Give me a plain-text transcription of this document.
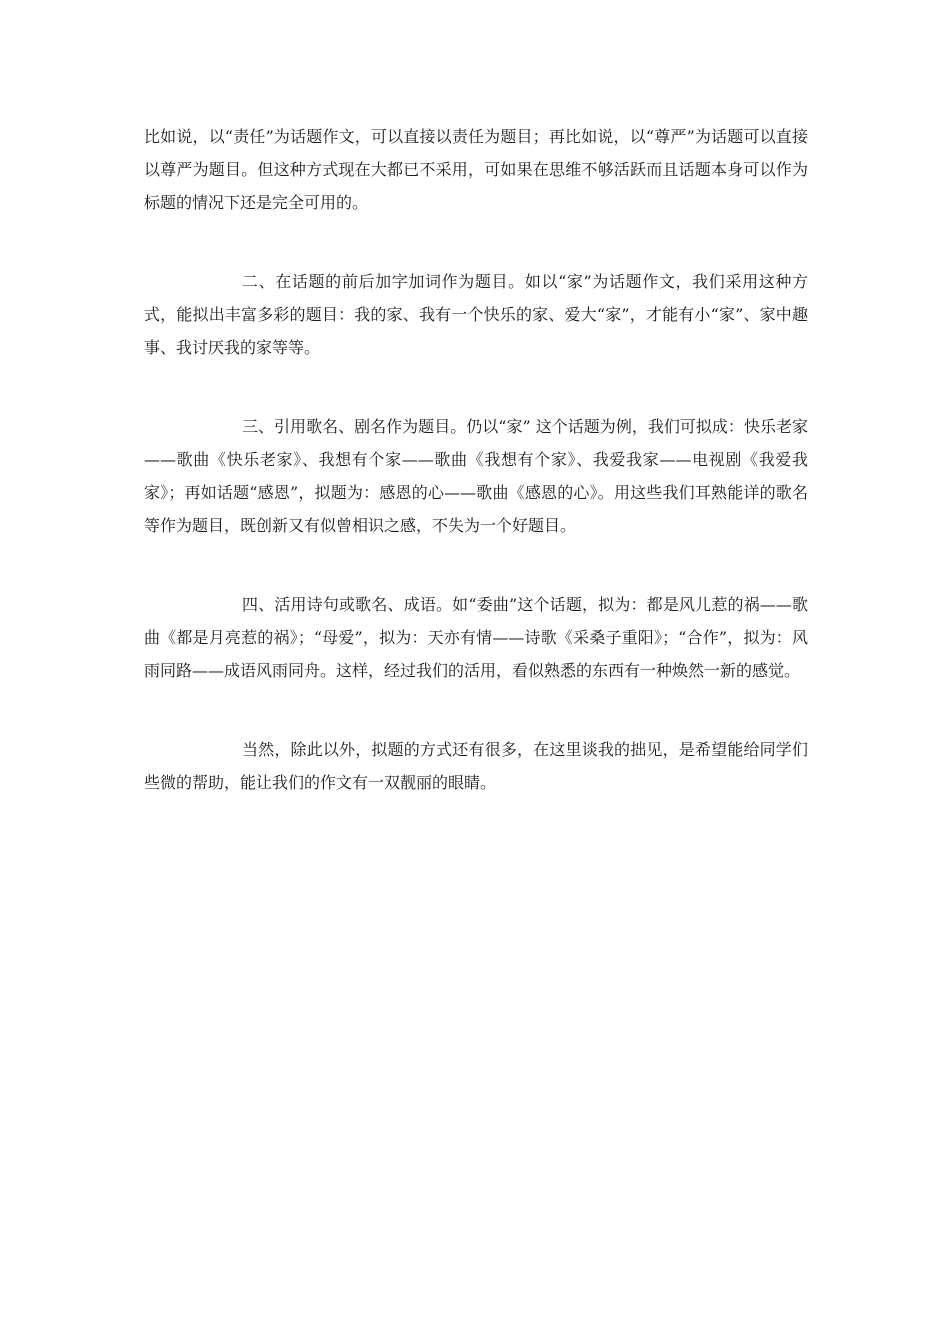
比如说，以“责任”为话题作文，可以直接以责任为题目；再比如说，以“尊严”为话题可以直接以尊严为题目。但这种方式现在大都已不采用，可如果在思维不够活跃而且话题本身可以作为标题的情况下还是完全可用的。

二、在话题的前后加字加词作为题目。如以“家”为话题作文，我们采用这种方式，能拟出丰富多彩的题目：我的家、我有一个快乐的家、爱大“家”，才能有小“家”、家中趣事、我讨厌我的家等等。

三、引用歌名、剧名作为题目。仍以“家” 这个话题为例，我们可拟成：快乐老家——歌曲《快乐老家》、我想有个家——歌曲《我想有个家》、我爱我家——电视剧《我爱我家》；再如话题“感恩”，拟题为：感恩的心——歌曲《感恩的心》。用这些我们耳熟能详的歌名等作为题目，既创新又有似曾相识之感，不失为一个好题目。

四、活用诗句或歌名、成语。如“委曲”这个话题，拟为：都是风儿惹的祸——歌曲《都是月亮惹的祸》；“母爱”，拟为：天亦有情——诗歌《采桑子重阳》；“合作”，拟为：风雨同路——成语风雨同舟。这样，经过我们的活用，看似熟悉的东西有一种焕然一新的感觉。

当然，除此以外，拟题的方式还有很多，在这里谈我的拙见，是希望能给同学们些微的帮助，能让我们的作文有一双靓丽的眼睛。
